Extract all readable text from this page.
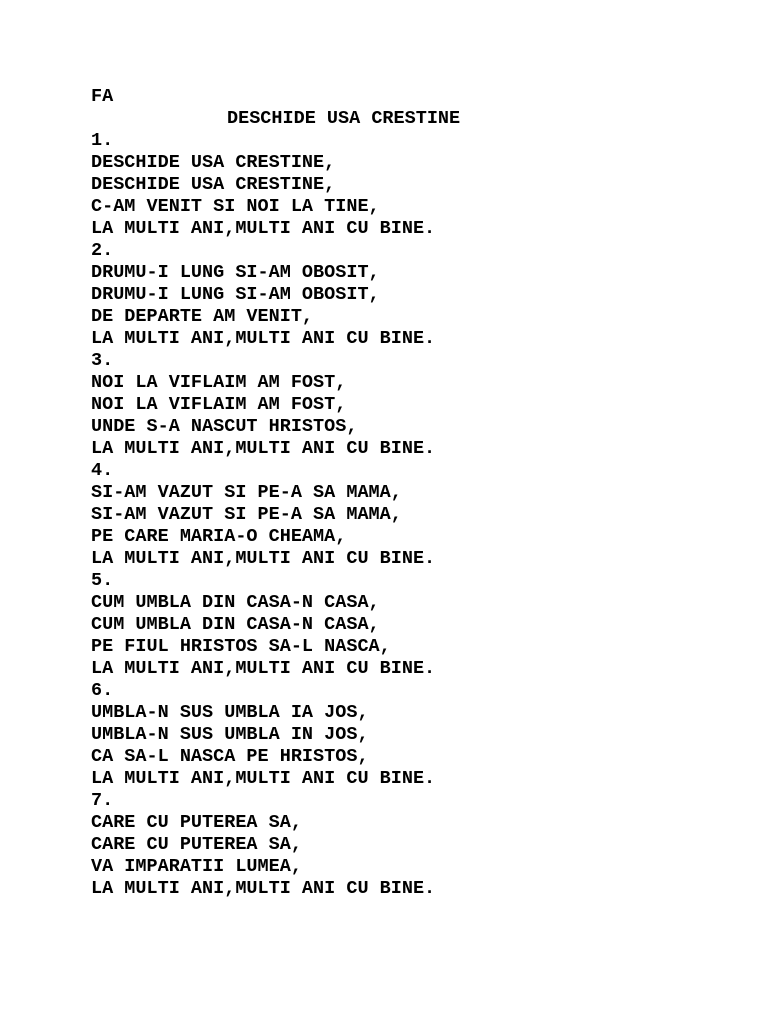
FA

DESCHIDE USA CRESTINE

1.

DESCHIDE USA CRESTINE,

DESCHIDE USA CRESTINE,

C-AM VENIT SI NOI LA TINE,

LA MULTI ANI,MULTI ANI CU BINE.

2.

DRUMU-I LUNG SI-AM OBOSIT,

DRUMU-I LUNG SI-AM OBOSIT,

DE DEPARTE AM VENIT,

LA MULTI ANI,MULTI ANI CU BINE.

3.

NOI LA VIFLAIM AM FOST,

NOI LA VIFLAIM AM FOST,

UNDE S-A NASCUT HRISTOS,

LA MULTI ANI,MULTI ANI CU BINE.

4.

SI-AM VAZUT SI PE-A SA MAMA,

SI-AM VAZUT SI PE-A SA MAMA,

PE CARE MARIA-O CHEAMA,

LA MULTI ANI,MULTI ANI CU BINE.

5.

CUM UMBLA DIN CASA-N CASA,

CUM UMBLA DIN CASA-N CASA,

PE FIUL HRISTOS SA-L NASCA,

LA MULTI ANI,MULTI ANI CU BINE.

6.

UMBLA-N SUS UMBLA IA JOS,

UMBLA-N SUS UMBLA IN JOS,

CA SA-L NASCA PE HRISTOS,

LA MULTI ANI,MULTI ANI CU BINE.

7.

CARE CU PUTEREA SA,

CARE CU PUTEREA SA,

VA IMPARATII LUMEA,

LA MULTI ANI,MULTI ANI CU BINE.
